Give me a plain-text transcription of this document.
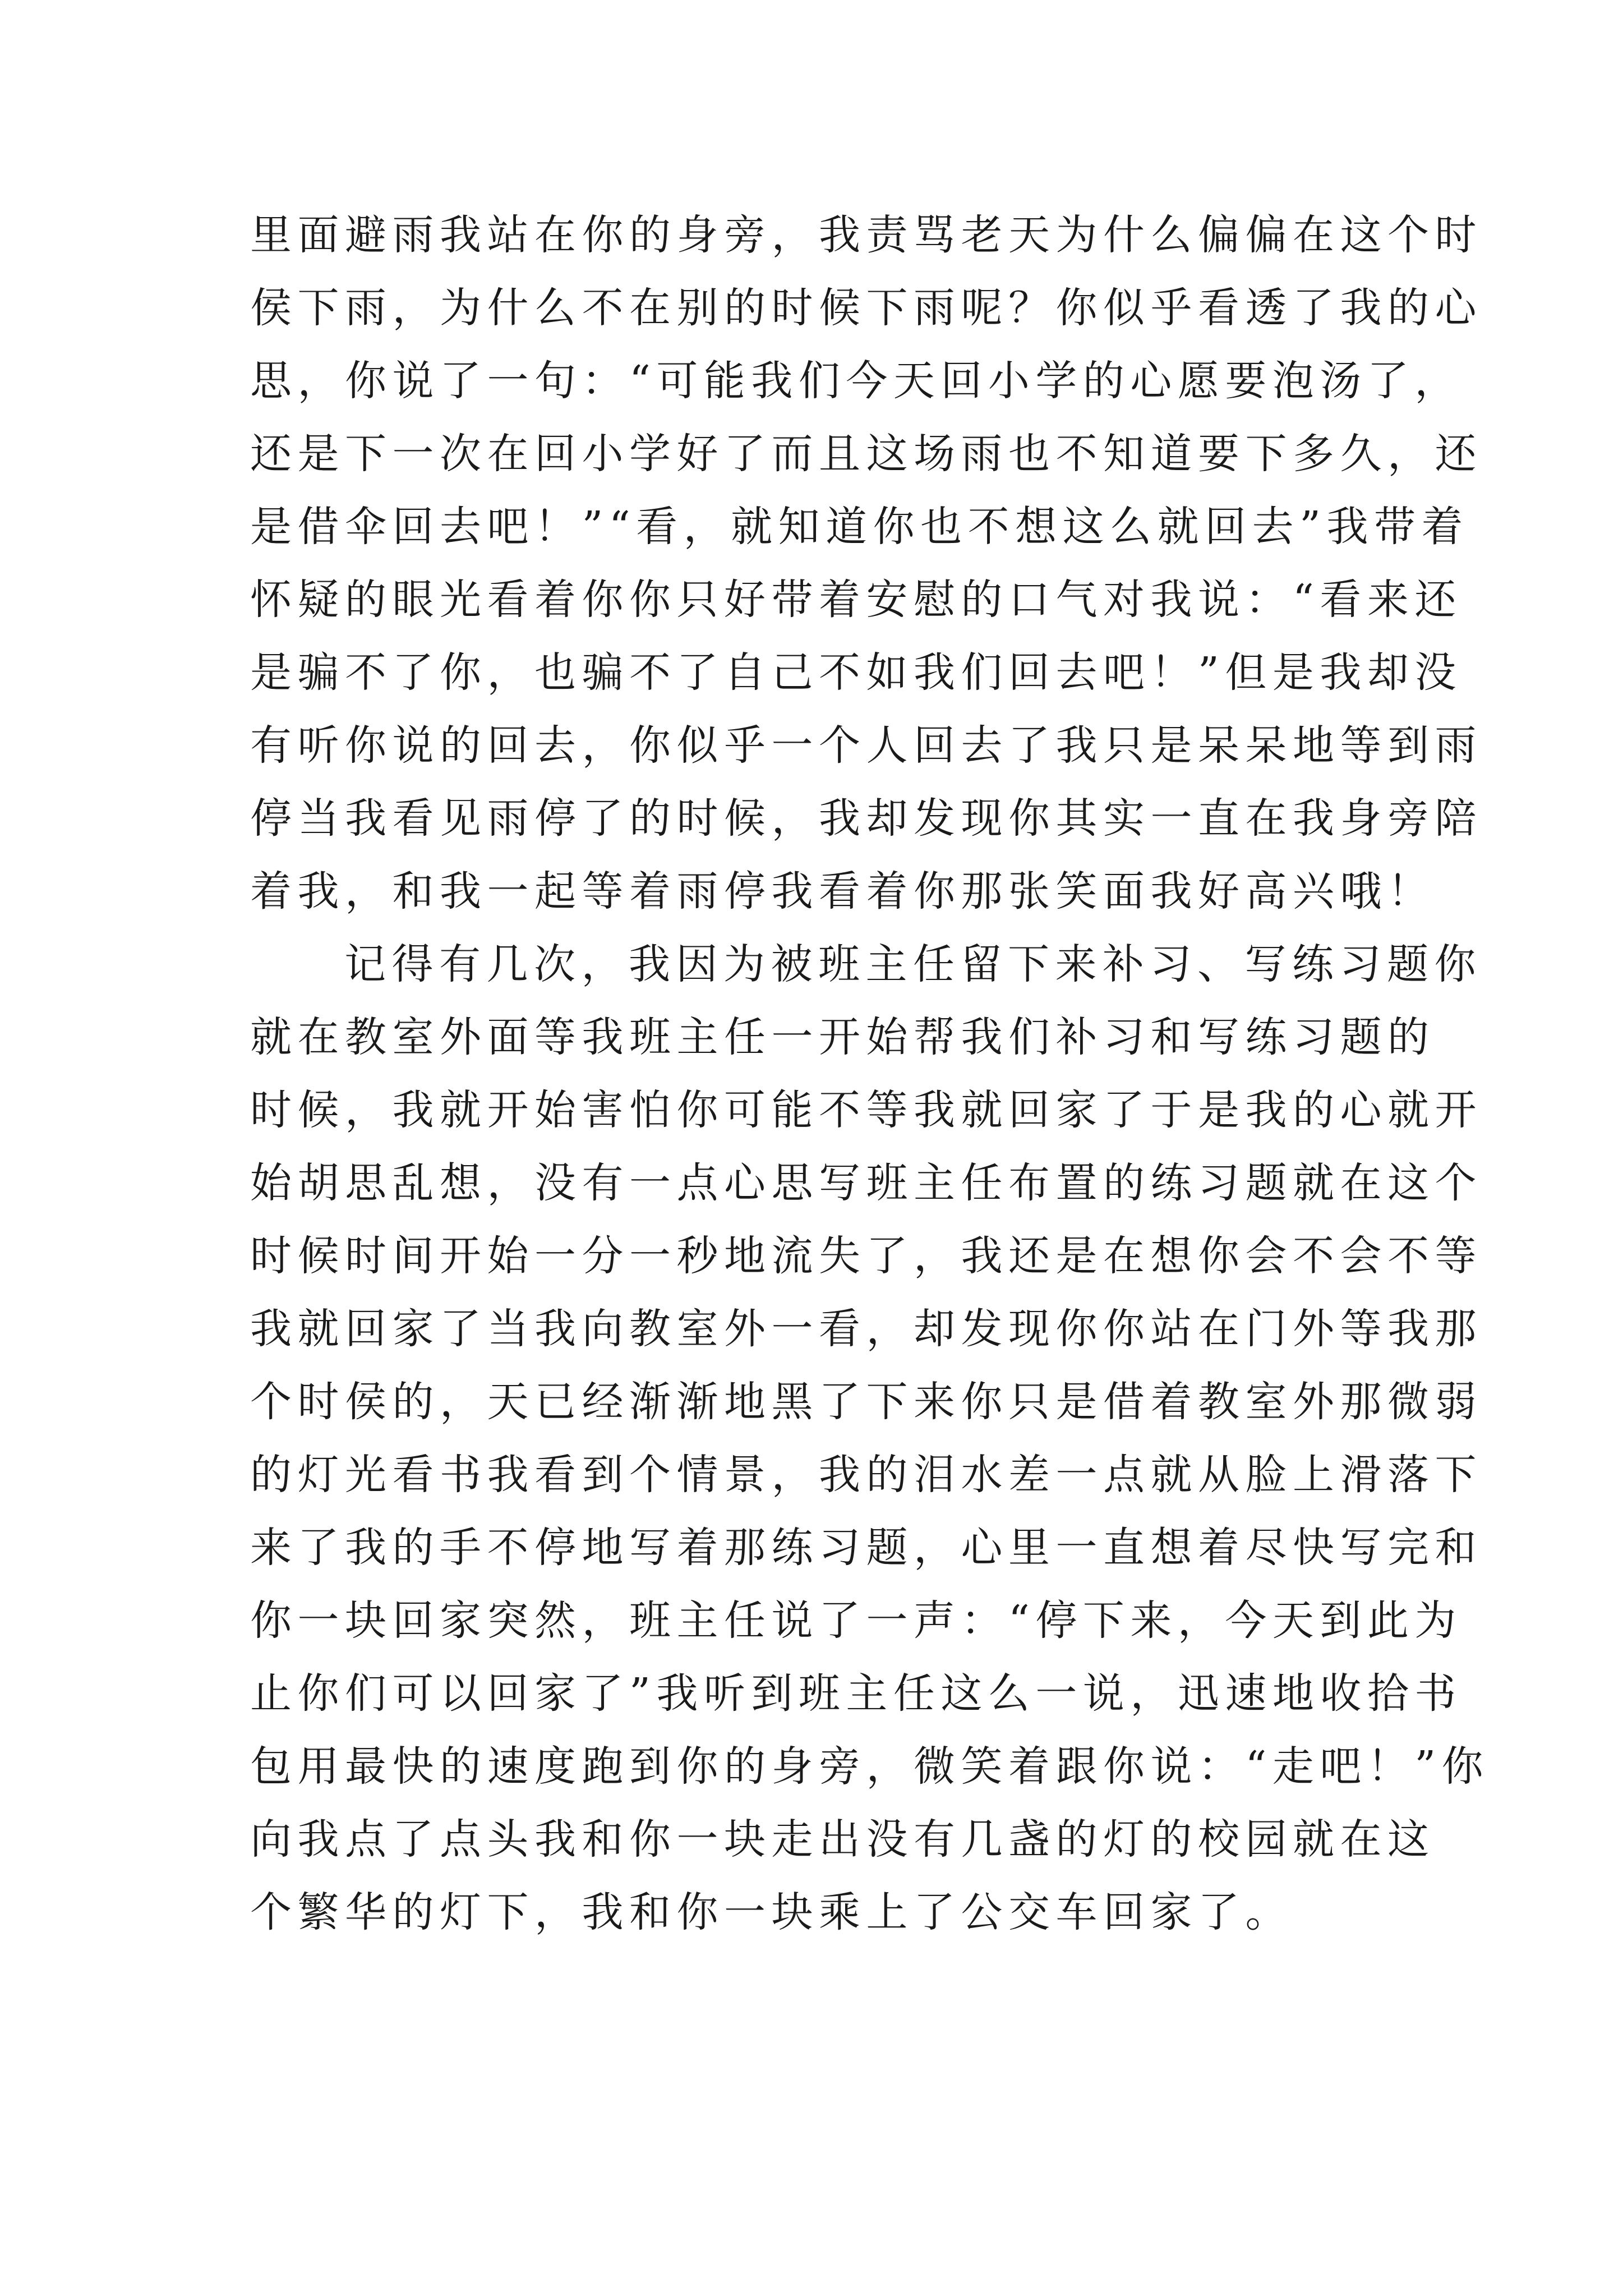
里面避雨我站在你的身旁，我责骂老天为什么偏偏在这个时
侯下雨，为什么不在别的时候下雨呢？你似乎看透了我的心
思，你说了一句：“可能我们今天回小学的心愿要泡汤了，
还是下一次在回小学好了而且这场雨也不知道要下多久，还
是借伞回去吧！”“看，就知道你也不想这么就回去”我带着
怀疑的眼光看着你你只好带着安慰的口气对我说：“看来还
是骗不了你，也骗不了自己不如我们回去吧！”但是我却没
有听你说的回去，你似乎一个人回去了我只是呆呆地等到雨
停当我看见雨停了的时候，我却发现你其实一直在我身旁陪
着我，和我一起等着雨停我看着你那张笑面我好高兴哦！
记得有几次，我因为被班主任留下来补习、写练习题你
就在教室外面等我班主任一开始帮我们补习和写练习题的
时候，我就开始害怕你可能不等我就回家了于是我的心就开
始胡思乱想，没有一点心思写班主任布置的练习题就在这个
时候时间开始一分一秒地流失了，我还是在想你会不会不等
我就回家了当我向教室外一看，却发现你你站在门外等我那
个时侯的，天已经渐渐地黑了下来你只是借着教室外那微弱
的灯光看书我看到个情景，我的泪水差一点就从脸上滑落下
来了我的手不停地写着那练习题，心里一直想着尽快写完和
你一块回家突然，班主任说了一声：“停下来，今天到此为
止你们可以回家了”我听到班主任这么一说，迅速地收拾书
包用最快的速度跑到你的身旁，微笑着跟你说：“走吧！”你
向我点了点头我和你一块走出没有几盏的灯的校园就在这
个繁华的灯下，我和你一块乘上了公交车回家了。
